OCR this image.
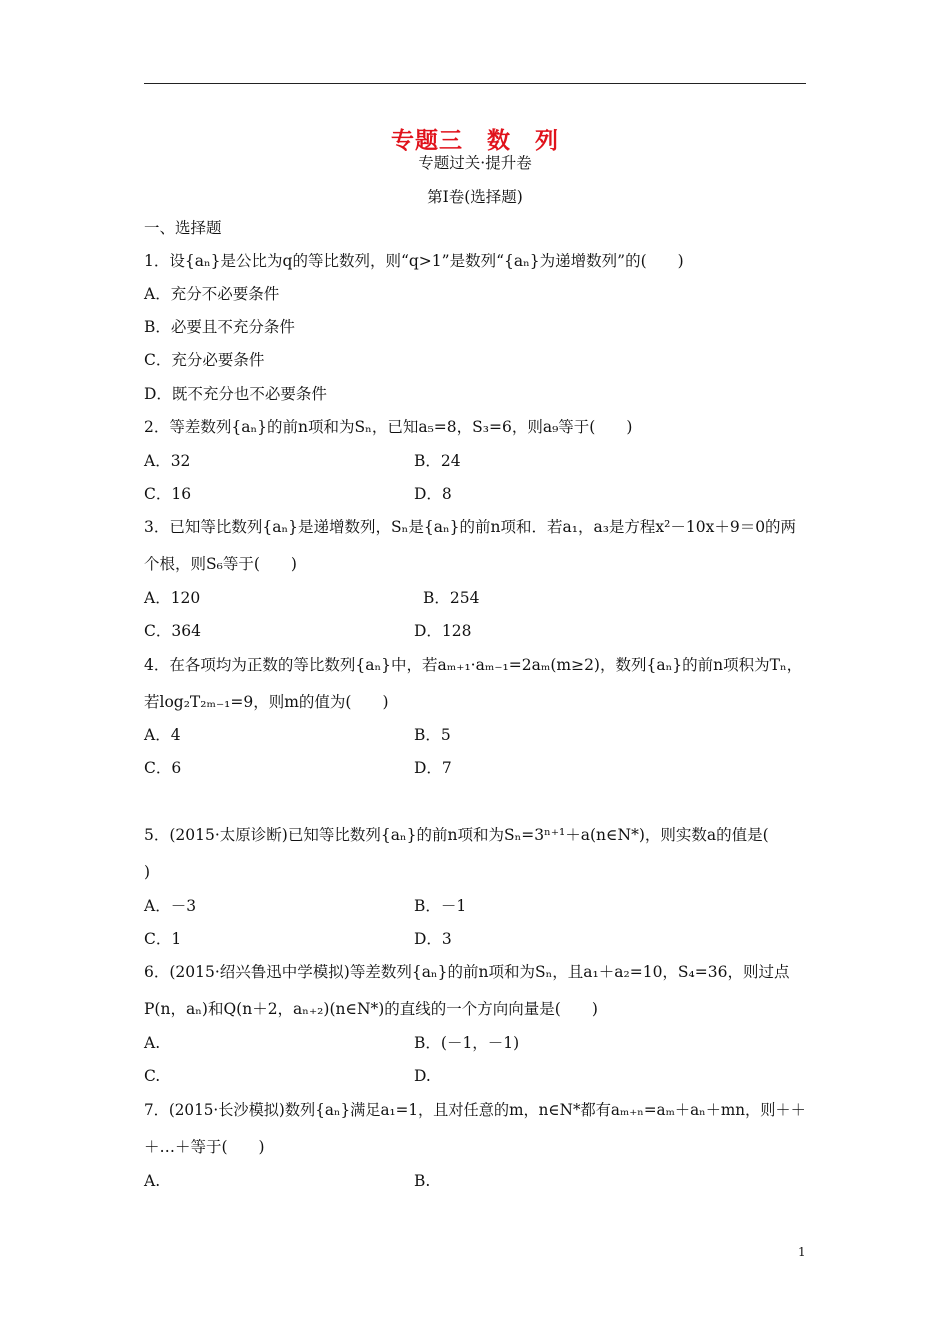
专题三　数　列
专题过关·提升卷
第Ⅰ卷(选择题)
一、选择题
1．设{aₙ}是公比为q的等比数列，则“q>1”是数列“{aₙ}为递增数列”的(　　)
A．充分不必要条件
B．必要且不充分条件
C．充分必要条件
D．既不充分也不必要条件
2．等差数列{aₙ}的前n项和为Sₙ，已知a₅=8，S₃=6，则a₉等于(　　)
A．32	B．24
C．16	D．8
3．已知等比数列{aₙ}是递增数列，Sₙ是{aₙ}的前n项和．若a₁，a₃是方程x²－10x＋9＝0的两
个根，则S₆等于(　　)
A．120	B．254
C．364	D．128
4．在各项均为正数的等比数列{aₙ}中，若aₘ₊₁·aₘ₋₁=2aₘ(m≥2)，数列{aₙ}的前n项积为Tₙ，
若log₂T₂ₘ₋₁=9，则m的值为(　　)
A．4	B．5
C．6	D．7
5．(2015·太原诊断)已知等比数列{aₙ}的前n项和为Sₙ=3ⁿ⁺¹＋a(n∈N*)，则实数a的值是(
)
A．－3	B．－1
C．1	D．3
6．(2015·绍兴鲁迅中学模拟)等差数列{aₙ}的前n项和为Sₙ，且a₁＋a₂=10，S₄=36，则过点
P(n，aₙ)和Q(n＋2，aₙ₊₂)(n∈N*)的直线的一个方向向量是(　　)
A.	B．(－1，－1)
C.	D.
7．(2015·长沙模拟)数列{aₙ}满足a₁=1，且对任意的m，n∈N*都有aₘ₊ₙ=aₘ＋aₙ＋mn，则＋＋
＋…＋等于(　　)
A.	B.
1
